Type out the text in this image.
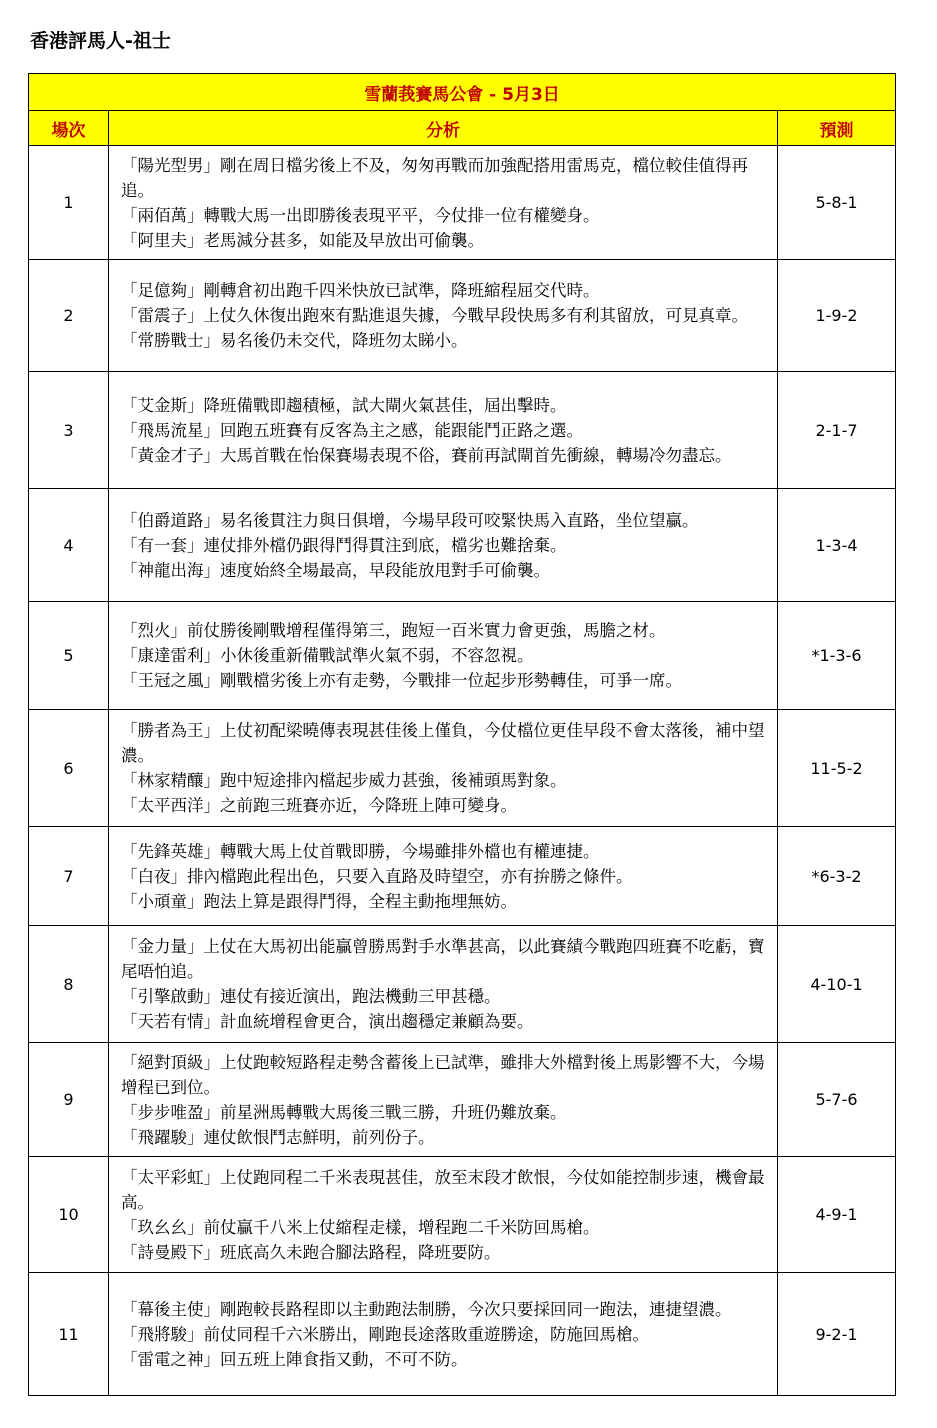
香港評馬人-祖士
雪蘭莪賽馬公會 - 5月3日		
場次	分析	預測
1	「陽光型男」剛在周日檔劣後上不及，匆匆再戰而加強配搭用雷馬克，檔位較佳值得再追。
「兩佰萬」轉戰大馬一出即勝後表現平平，今仗排一位有權變身。
「阿里夫」老馬減分甚多，如能及早放出可偷襲。	5-8-1
2	「足億夠」剛轉倉初出跑千四米快放已試準，降班縮程屈交代時。
「雷震子」上仗久休復出跑來有點進退失據，今戰早段快馬多有利其留放，可見真章。
「常勝戰士」易名後仍未交代，降班勿太睇小。	1-9-2
3	「艾金斯」降班備戰即趨積極，試大閘火氣甚佳，屆出擊時。
「飛馬流星」回跑五班賽有反客為主之感，能跟能鬥正路之選。
「黃金才子」大馬首戰在怡保賽場表現不俗，賽前再試閘首先衝線，轉場冷勿盡忘。	2-1-7
4	「伯爵道路」易名後貫注力與日俱增，今場早段可咬緊快馬入直路，坐位望贏。
「有一套」連仗排外檔仍跟得鬥得貫注到底，檔劣也難捨棄。
「神龍出海」速度始終全場最高，早段能放甩對手可偷襲。	1-3-4
5	「烈火」前仗勝後剛戰增程僅得第三，跑短一百米實力會更強，馬膽之材。
「康達雷利」小休後重新備戰試準火氣不弱，不容忽視。
「王冠之風」剛戰檔劣後上亦有走勢，今戰排一位起步形勢轉佳，可爭一席。	*1-3-6
6	「勝者為王」上仗初配梁曉傳表現甚佳後上僅負，今仗檔位更佳早段不會太落後，補中望濃。
「林家精釀」跑中短途排內檔起步威力甚強，後補頭馬對象。
「太平西洋」之前跑三班賽亦近，今降班上陣可變身。	11-5-2
7	「先鋒英雄」轉戰大馬上仗首戰即勝，今場雖排外檔也有權連捷。
「白夜」排內檔跑此程出色，只要入直路及時望空，亦有拚勝之條件。
「小頑童」跑法上算是跟得鬥得，全程主動拖埋無妨。	*6-3-2
8	「金力量」上仗在大馬初出能贏曾勝馬對手水準甚高，以此賽績今戰跑四班賽不吃虧，寶尾唔怕追。
「引擎啟動」連仗有接近演出，跑法機動三甲甚穩。
「天若有情」計血統增程會更合，演出趨穩定兼顧為要。	4-10-1
9	「絕對頂級」上仗跑較短路程走勢含蓄後上已試準，雖排大外檔對後上馬影響不大，今場增程已到位。
「步步唯盈」前星洲馬轉戰大馬後三戰三勝，升班仍難放棄。
「飛躍駿」連仗飲恨鬥志鮮明，前列份子。	5-7-6
10	「太平彩虹」上仗跑同程二千米表現甚佳，放至末段才飲恨，今仗如能控制步速，機會最高。
「玖幺幺」前仗贏千八米上仗縮程走樣，增程跑二千米防回馬槍。
「詩曼殿下」班底高久未跑合腳法路程，降班要防。	4-9-1
11	「幕後主使」剛跑較長路程即以主動跑法制勝，今次只要採回同一跑法，連捷望濃。
「飛將駿」前仗同程千六米勝出，剛跑長途落敗重遊勝途，防施回馬槍。
「雷電之神」回五班上陣食指又動，不可不防。	9-2-1
